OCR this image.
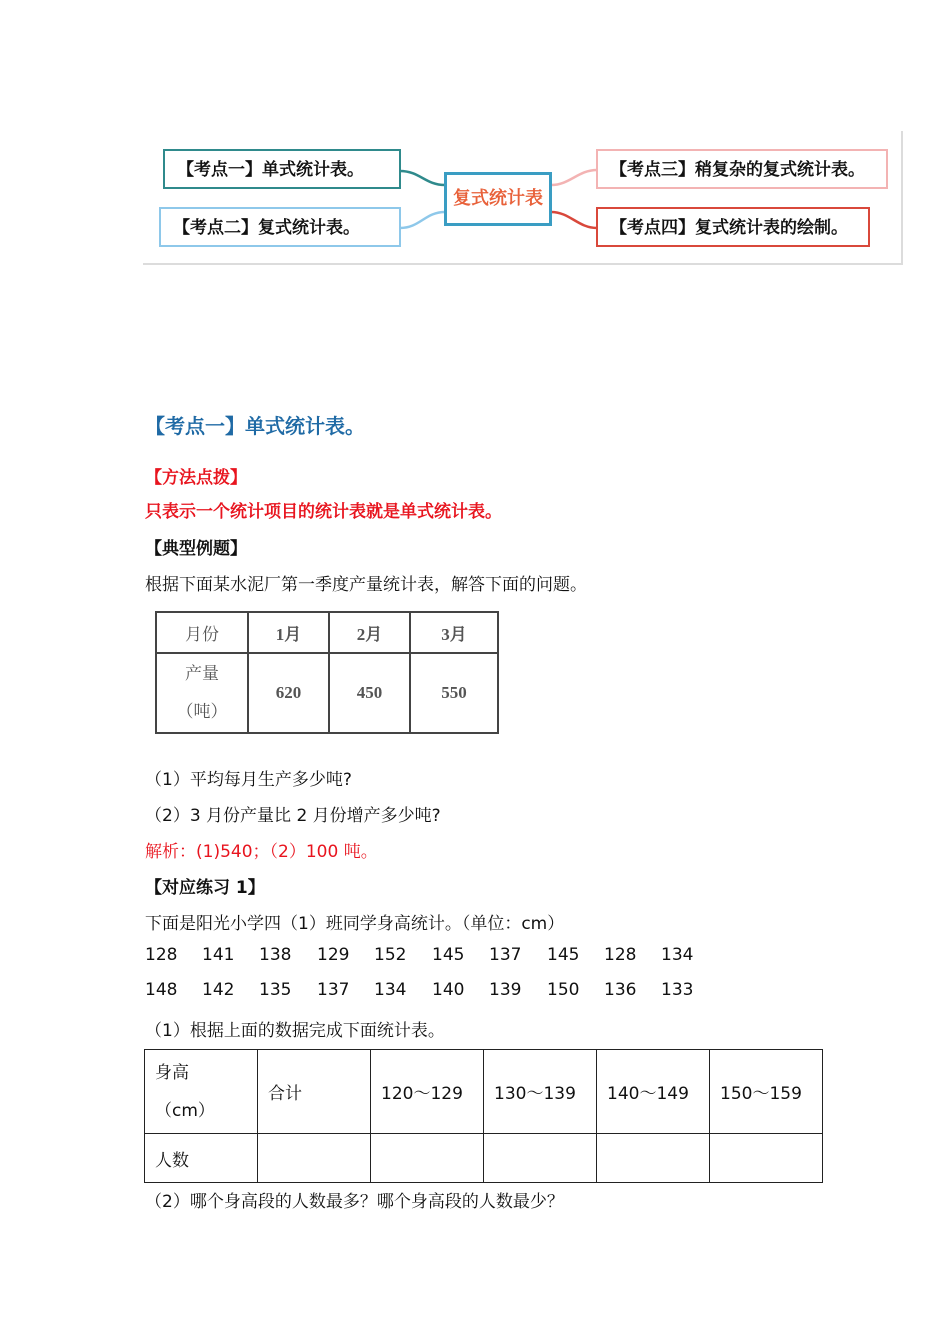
【考点一】单式统计表。
【考点二】复式统计表。
【考点三】稍复杂的复式统计表。
【考点四】复式统计表的绘制。
复式统计表
【考点一】单式统计表。
【方法点拨】
只表示一个统计项目的统计表就是单式统计表。
【典型例题】
根据下面某水泥厂第一季度产量统计表，解答下面的问题。
月份	1月	2月	3月

产量
（吨）	620	450	550
（1）平均每月生产多少吨?
（2）3 月份产量比 2 月份增产多少吨?
解析：(1)540；（2）100 吨。
【对应练习 1】
下面是阳光小学四（1）班同学身高统计。（单位：cm）
128 141 138 129 152 145 137 145 128 134
148 142 135 137 134 140 139 150 136 133
（1）根据上面的数据完成下面统计表。
身高
（cm）	合计	120～129	130～139	140～149	150～159
人数					
（2）哪个身高段的人数最多？哪个身高段的人数最少？
